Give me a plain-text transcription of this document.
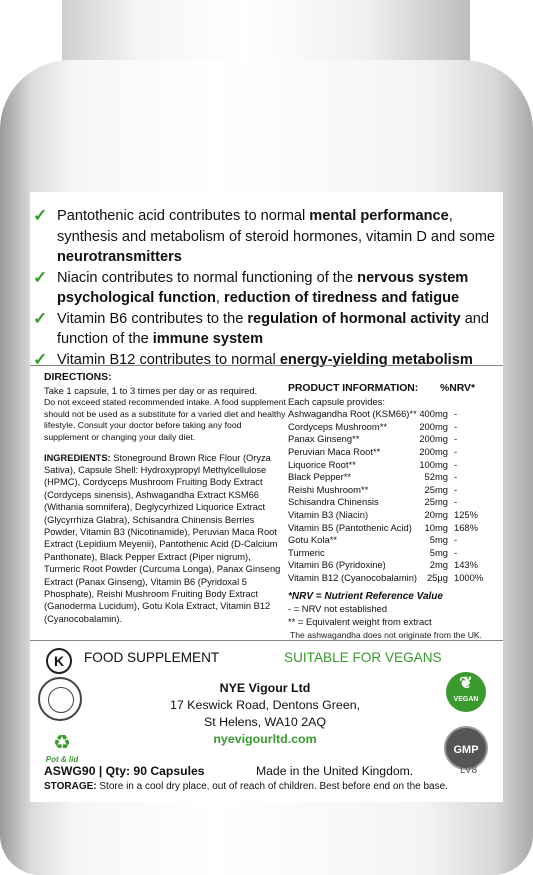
✓ Pantothenic acid contributes to normal mental performance, synthesis and metabolism of steroid hormones, vitamin D and some neurotransmitters
✓ Niacin contributes to normal functioning of the nervous system psychological function, reduction of tiredness and fatigue
✓ Vitamin B6 contributes to the regulation of hormonal activity and function of the immune system
✓ Vitamin B12 contributes to normal energy-yielding metabolism

DIRECTIONS:

Take 1 capsule, 1 to 3 times per day or as required.

Do not exceed stated recommended intake. A food supplement should not be used as a substitute for a varied diet and healthy lifestyle. Consult your doctor before taking any food supplement or changing your daily diet.

INGREDIENTS: Stoneground Brown Rice Flour (Oryza Sativa), Capsule Shell: Hydroxypropyl Methylcellulose (HPMC), Cordyceps Mushroom Fruiting Body Extract (Cordyceps sinensis), Ashwagandha Extract KSM66 (Withania somnifera), Deglycyrhized Liquorice Extract (Glycyrrhiza Glabra), Schisandra Chinensis Berries Powder, Vitamin B3 (Nicotinamide), Peruvian Maca Root Extract (Lepidium Meyenii), Pantothenic Acid (D-Calcium Panthonate), Black Pepper Extract (Piper nigrum), Turmeric Root Powder (Curcuma Longa), Panax Ginseng Extract (Panax Ginseng), Vitamin B6 (Pyridoxal 5 Phosphate), Reishi Mushroom Fruiting Body Extract (Ganoderma Lucidum), Gotu Kola Extract, Vitamin B12 (Cyanocobalamin).

PRODUCT INFORMATION: %NRV*
Each capsule provides:
Ashwagandha Root (KSM66)** 400mg -
Cordyceps Mushroom**	200mg -
Panax Ginseng**	200mg -
Peruvian Maca Root**	200mg -
Liquorice Root**	100mg -
Black Pepper**	52mg -
Reishi Mushroom**	25mg -
Schisandra Chinensis	25mg -
Vitamin B3 (Niacin)	20mg 125%
Vitamin B5 (Pantothenic Acid)	10mg 168%
Gotu Kola**	5mg -
Turmeric	5mg -
Vitamin B6 (Pyridoxine)	2mg 143%
Vitamin B12 (Cyanocobalamin)	25µg 1000%
*NRV = Nutrient Reference Value
- = NRV not established
** = Equivalent weight from extract
The ashwagandha does not originate from the UK.
K	FOOD SUPPLEMENT	SUITABLE FOR VEGANS
♻
Pot & lid
NYE Vigour Ltd
17 Keswick Road, Dentons Green,
St Helens, WA10 2AQ
nyevigourltd.com
❦
VEGAN
GMP
ASWG90 | Qty: 90 Capsules	Made in the United Kingdom.	LV8
STORAGE: Store in a cool dry place, out of reach of children. Best before end on the base.
